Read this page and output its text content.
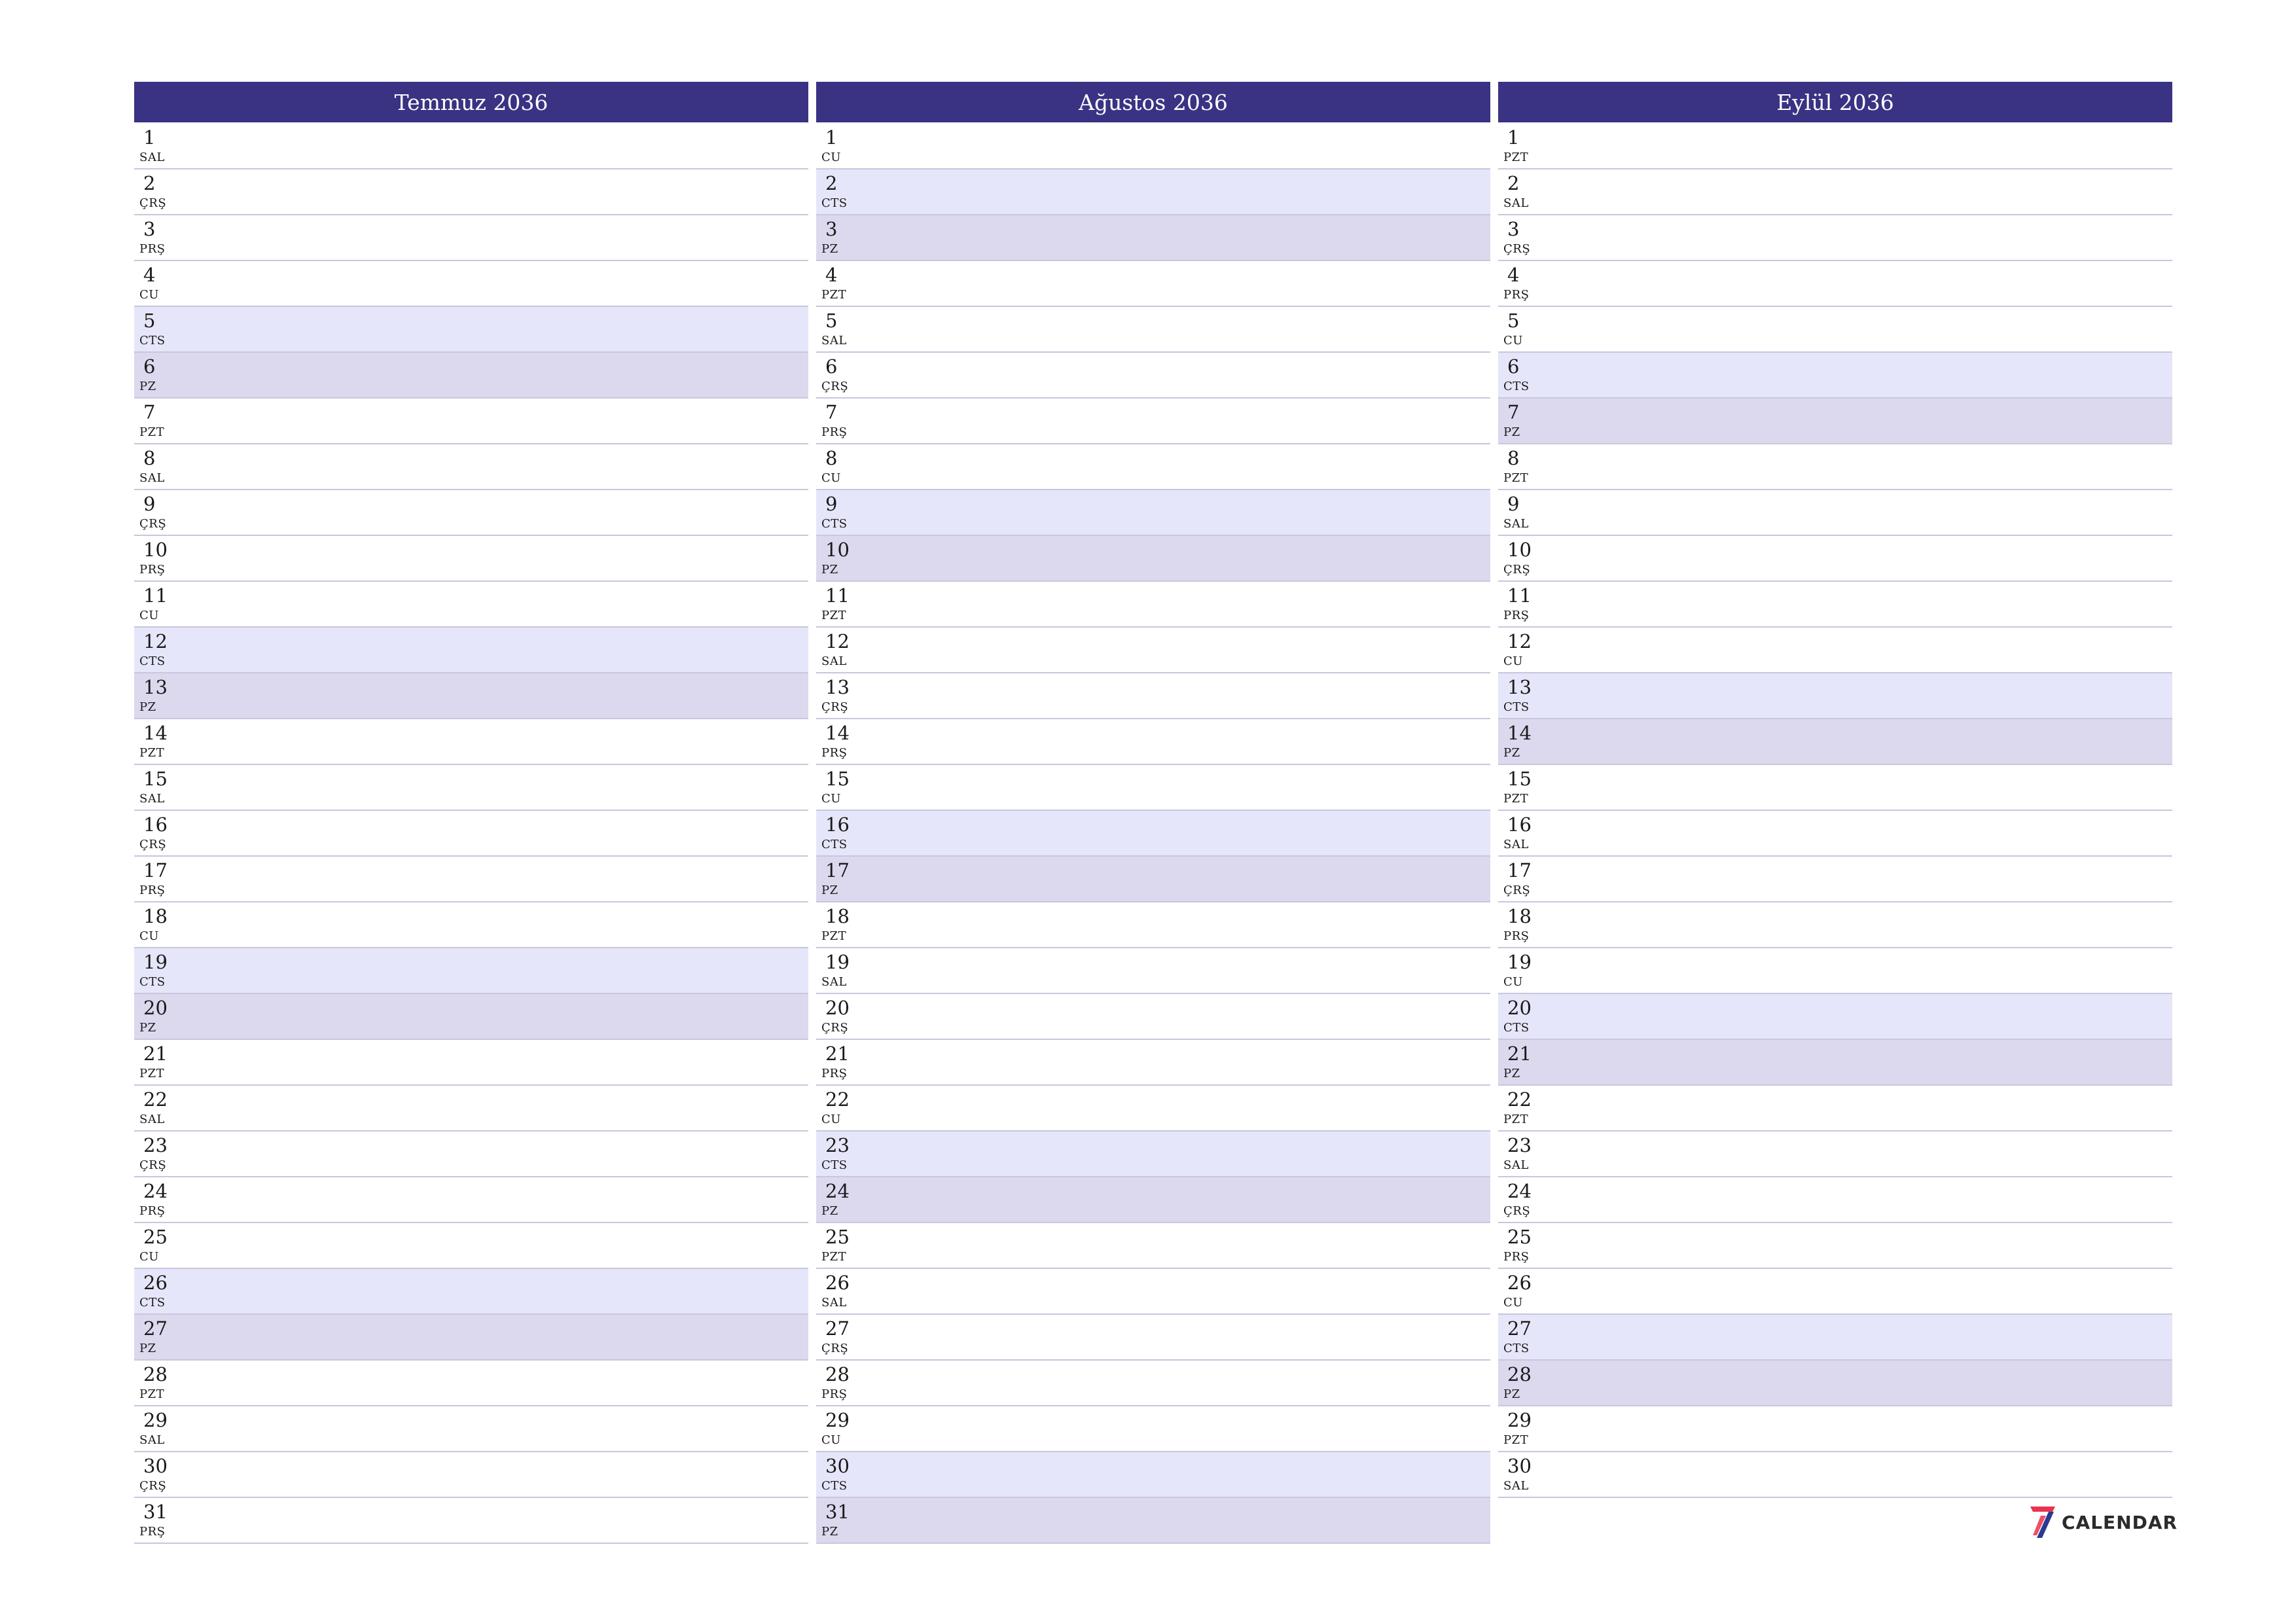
Temmuz 2036
1
SAL
2
ÇRŞ
3
PRŞ
4
CU
5
CTS
6
PZ
7
PZT
8
SAL
9
ÇRŞ
10
PRŞ
11
CU
12
CTS
13
PZ
14
PZT
15
SAL
16
ÇRŞ
17
PRŞ
18
CU
19
CTS
20
PZ
21
PZT
22
SAL
23
ÇRŞ
24
PRŞ
25
CU
26
CTS
27
PZ
28
PZT
29
SAL
30
ÇRŞ
31
PRŞ
Ağustos 2036
1
CU
2
CTS
3
PZ
4
PZT
5
SAL
6
ÇRŞ
7
PRŞ
8
CU
9
CTS
10
PZ
11
PZT
12
SAL
13
ÇRŞ
14
PRŞ
15
CU
16
CTS
17
PZ
18
PZT
19
SAL
20
ÇRŞ
21
PRŞ
22
CU
23
CTS
24
PZ
25
PZT
26
SAL
27
ÇRŞ
28
PRŞ
29
CU
30
CTS
31
PZ
Eylül 2036
1
PZT
2
SAL
3
ÇRŞ
4
PRŞ
5
CU
6
CTS
7
PZ
8
PZT
9
SAL
10
ÇRŞ
11
PRŞ
12
CU
13
CTS
14
PZ
15
PZT
16
SAL
17
ÇRŞ
18
PRŞ
19
CU
20
CTS
21
PZ
22
PZT
23
SAL
24
ÇRŞ
25
PRŞ
26
CU
27
CTS
28
PZ
29
PZT
30
SAL
CALENDAR
